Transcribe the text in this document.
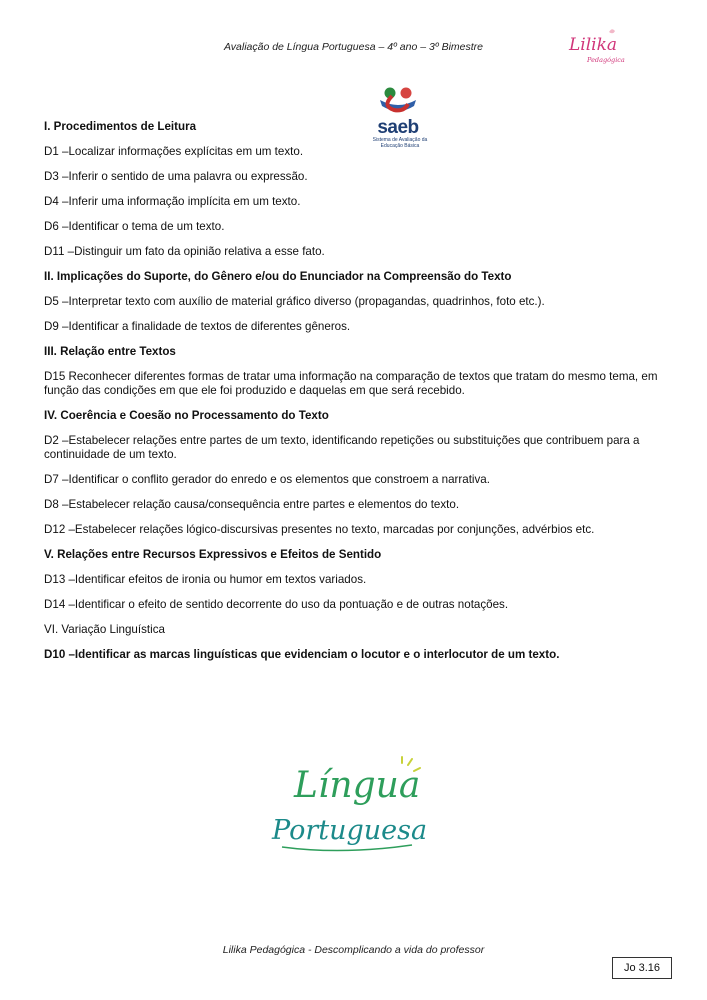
Avaliação de Língua Portuguesa – 4º ano – 3º Bimestre	Lilika
Pedagógica
saeb
Sistema de Avaliação da Educação Básica

I. Procedimentos de Leitura

D1 –Localizar informações explícitas em um texto.

D3 –Inferir o sentido de uma palavra ou expressão.

D4 –Inferir uma informação implícita em um texto.

D6 –Identificar o tema de um texto.

D11 –Distinguir um fato da opinião relativa a esse fato.

II. Implicações do Suporte, do Gênero e/ou do Enunciador na Compreensão do Texto

D5 –Interpretar texto com auxílio de material gráfico diverso (propagandas, quadrinhos, foto etc.).

D9 –Identificar a finalidade de textos de diferentes gêneros.

III. Relação entre Textos

D15 Reconhecer diferentes formas de tratar uma informação na comparação de textos que tratam do mesmo tema, em função das condições em que ele foi produzido e daquelas em que será recebido.

IV. Coerência e Coesão no Processamento do Texto

D2 –Estabelecer relações entre partes de um texto, identificando repetições ou substituições que contribuem para a continuidade de um texto.

D7 –Identificar o conflito gerador do enredo e os elementos que constroem a narrativa.

D8 –Estabelecer relação causa/consequência entre partes e elementos do texto.

D12 –Estabelecer relações lógico-discursivas presentes no texto, marcadas por conjunções, advérbios etc.

V. Relações entre Recursos Expressivos e Efeitos de Sentido

D13 –Identificar efeitos de ironia ou humor em textos variados.

D14 –Identificar o efeito de sentido decorrente do uso da pontuação e de outras notações.

VI. Variação Linguística

D10 –Identificar as marcas linguísticas que evidenciam o locutor e o interlocutor de um texto.

Língua
Portuguesa
Lilika Pedagógica - Descomplicando a vida do professor
Jo 3.16
